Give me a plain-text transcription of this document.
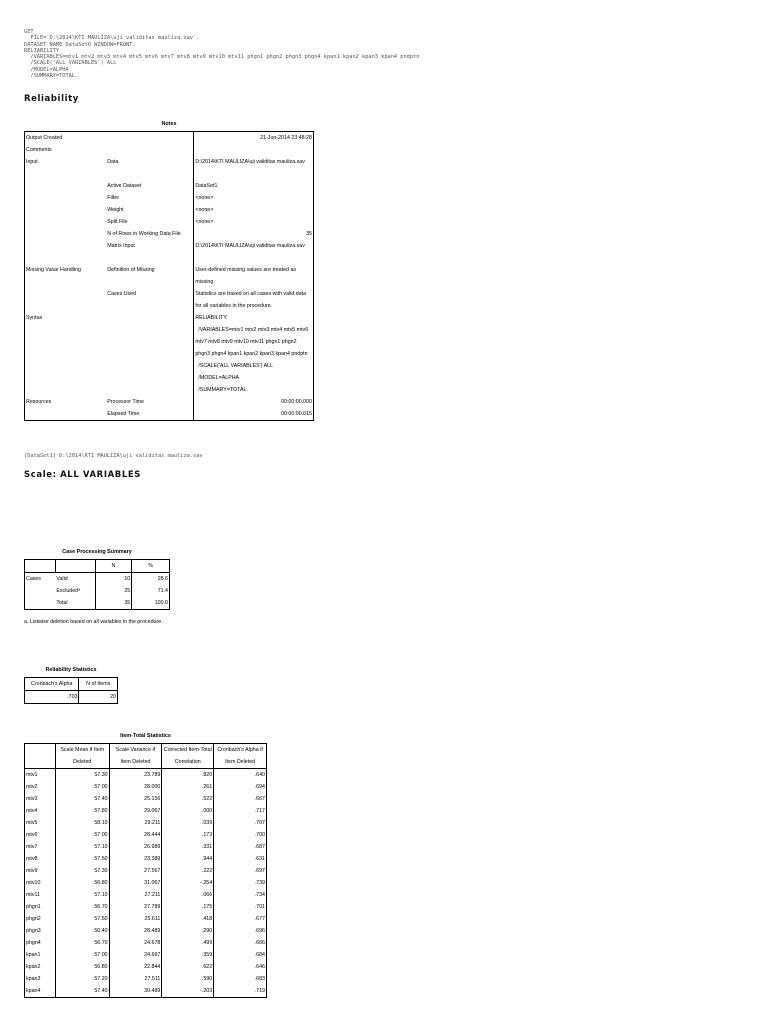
GET
FILE='D:\2014\KTI MAULIZA\uji validitas mauliza.sav'.
DATASET NAME DataSet0 WINDOW=FRONT.
RELIABILITY
/VARIABLES=mtv1 mtv2 mtv3 mtv4 mtv5 mtv6 mtv7 mtv8 mtv9 mtv10 mtv11 phgn1 phgn2 phgn3 phgn4 kpan1 kpan2 kpan3 kpan4 pndptn
/SCALE('ALL VARIABLES') ALL
/MODEL=ALPHA
/SUMMARY=TOTAL.
Reliability
Notes
Output Created		21-Jun-2014 23:48:28
Comments		
Input	Data	D:\2014\KTI MAULIZA\uji validitas mauliza.sav
	Active Dataset	DataSet1
	Filter	<none>
	Weight	<none>
	Split File	<none>
	N of Rows in Working Data File	35
	Matrix Input	D:\2014\KTI MAULIZA\uji validitas mauliza.sav
Missing Value Handling	Definition of Missing	User-defined missing values are treated as missing.
	Cases Used	Statistics are based on all cases with valid data for all variables in the procedure.
Syntax		RELIABILITY
/VARIABLES=mtv1 mtv2 mtv3 mtv4 mtv5 mtv6 mtv7 mtv8 mtv9 mtv10 mtv11 phgn1 phgn2 phgn3 phgn4 kpan1 kpan2 kpan3 kpan4 pndptn
/SCALE('ALL VARIABLES') ALL
/MODEL=ALPHA
/SUMMARY=TOTAL.
Resources	Processor Time	00:00:00.000
	Elapsed Time	00:00:00.015
[DataSet1] D:\2014\KTI MAULIZA\uji validitas mauliza.sav
Scale: ALL VARIABLES
Case Processing Summary
		N	%
Cases	Valid	10	28.6
	Excludedᵃ	25	71.4
	Total	35	100.0
a. Listwise deletion based on all variables in the procedure.
Reliability Statistics
Cronbach's Alpha	N of Items
.703	20
Item-Total Statistics
	Scale Mean if Item Deleted	Scale Variance if Item Deleted	Corrected Item-Total Correlation	Cronbach's Alpha if Item Deleted
mtv1	57.30	23.789	.820	.640
mtv2	57.00	28.000	.261	.694
mtv3	57.40	25.156	.522	.667
mtv4	57.80	29.067	.000	.717
mtv5	58.10	29.211	.039	.707
mtv6	57.00	28.444	.173	.700
mtv7	57.10	26.989	.331	.687
mtv8	57.50	23.389	.944	.631
mtv9	57.30	27.567	.222	.697
mtv10	56.80	31.067	-.254	.739
mtv11	57.10	27.211	.066	.734
phgn1	56.70	27.789	.175	.701
phgn2	57.50	25.611	.418	.677
phgn3	56.40	28.489	.290	.696
phgn4	56.70	24.678	.499	.666
kpan1	57.00	24.667	.359	.684
kpan2	56.80	22.844	.622	.646
kpan3	57.20	27.511	.590	.683
kpan4	57.40	30.489	-.203	.719
